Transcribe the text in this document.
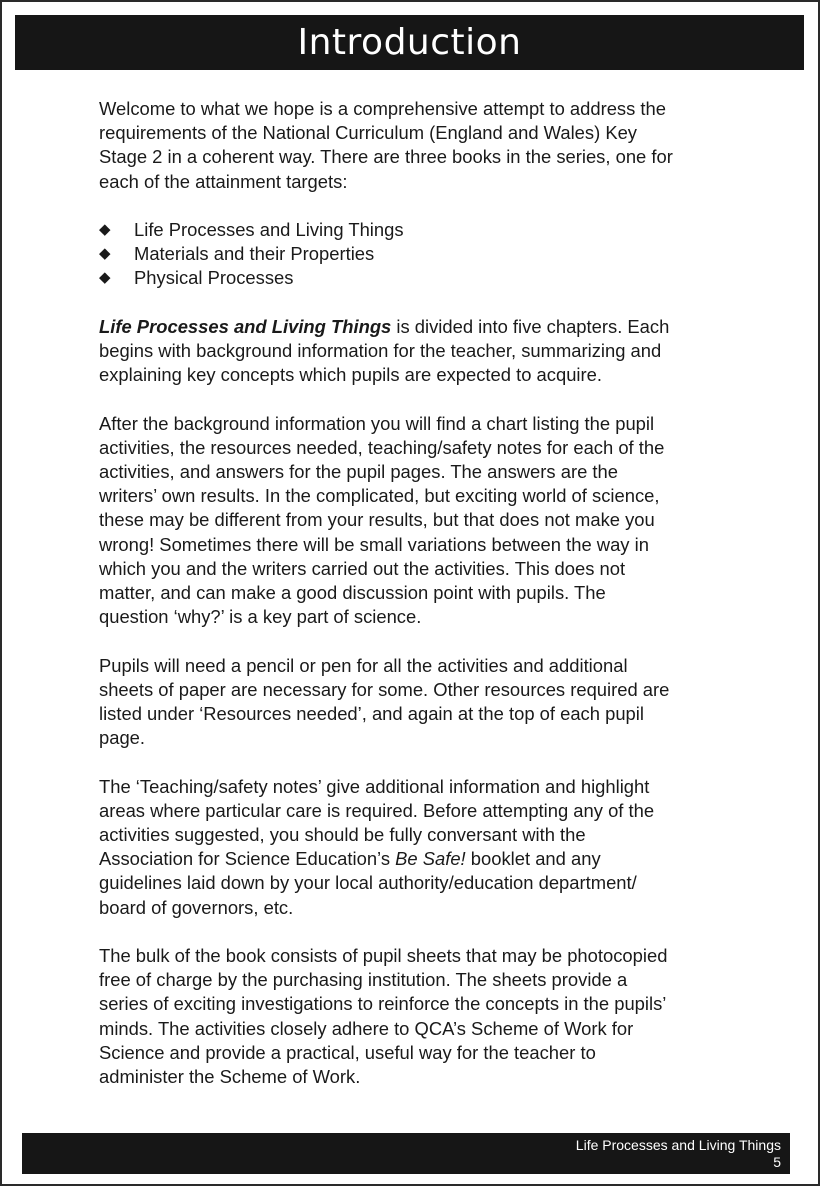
Introduction

Welcome to what we hope is a comprehensive attempt to address the
requirements of the National Curriculum (England and Wales) Key
Stage 2 in a coherent way. There are three books in the series, one for
each of the attainment targets:

◆	Life Processes and Living Things
◆	Materials and their Properties
◆	Physical Processes

Life Processes and Living Things is divided into five chapters. Each
begins with background information for the teacher, summarizing and
explaining key concepts which pupils are expected to acquire.

After the background information you will find a chart listing the pupil
activities, the resources needed, teaching/safety notes for each of the
activities, and answers for the pupil pages. The answers are the
writers’ own results. In the complicated, but exciting world of science,
these may be different from your results, but that does not make you
wrong! Sometimes there will be small variations between the way in
which you and the writers carried out the activities. This does not
matter, and can make a good discussion point with pupils. The
question ‘why?’ is a key part of science.

Pupils will need a pencil or pen for all the activities and additional
sheets of paper are necessary for some. Other resources required are
listed under ‘Resources needed’, and again at the top of each pupil
page.

The ‘Teaching/safety notes’ give additional information and highlight
areas where particular care is required. Before attempting any of the
activities suggested, you should be fully conversant with the
Association for Science Education’s Be Safe! booklet and any
guidelines laid down by your local authority/education department/
board of governors, etc.

The bulk of the book consists of pupil sheets that may be photocopied
free of charge by the purchasing institution. The sheets provide a
series of exciting investigations to reinforce the concepts in the pupils’
minds. The activities closely adhere to QCA’s Scheme of Work for
Science and provide a practical, useful way for the teacher to
administer the Scheme of Work.

Life Processes and Living Things
5
